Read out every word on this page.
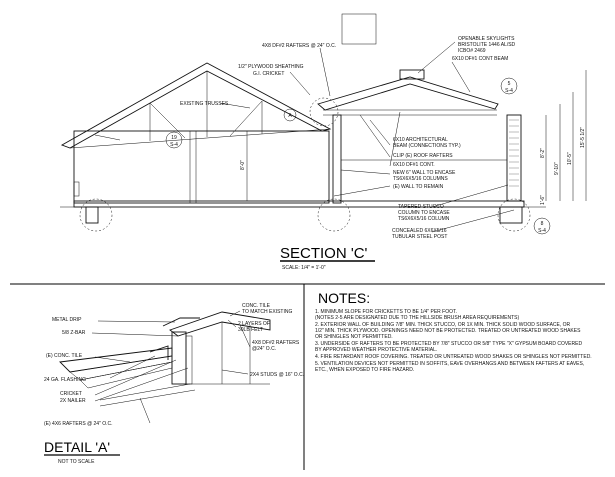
19
S-4
5
S-4
A
8
S-4
8'-0"
8'-2"
9'-10"
10'-5"
15'-5 1/2"
1'-6"
4X8 DF#2 RAFTERS @ 24" O.C.
OPENABLE SKYLIGHTS
BRISTOLITE 1446 AL/SD
ICBO# 2469
6X10 DF#1 CONT BEAM
1/2" PLYWOOD SHEATHING
G.I. CRICKET
EXISTING TRUSSES
6X10 ARCHITECTURAL
BEAM (CONNECTIONS TYP.)
CLIP (E) ROOF RAFTERS
6X10 DF#1 CONT.
NEW 6" WALL TO ENCASE
TS6X6X5/16 COLUMNS
(E) WALL TO REMAIN
TAPERED STUCCO
COLUMN TO ENCASE
TS6X6X5/16 COLUMN
CONCEALED 6X6X5/16
TUBULAR STEEL POST
SECTION 'C'
SCALE: 1/4" = 1'-0"
METAL DRIP
5/8 Z-BAR
(E) CONC. TILE
24 GA. FLASHING
CRICKET
2X NAILER
(E) 4X6 RAFTERS @ 24" O.C.
CONC. TILE
TO MATCH EXISTING
2 LAYERS OF
30LB FELT
4X8 DF#2 RAFTERS
@24" O.C.
2X4 STUDS @ 16" O.C.
DETAIL 'A'
NOT TO SCALE
NOTES:
1. MINIMUM SLOPE FOR CRICKETTS TO BE 1/4" PER FOOT.
(NOTES 2-5 ARE DESIGNATED DUE TO THE HILLSIDE BRUSH AREA REQUIREMENTS)
2. EXTERIOR WALL OF BUILDING 7/8" MIN. THICK STUCCO, OR 1X MIN. THICK SOLID WOOD SURFACE, OR
1/2" MIN. THICK PLYWOOD. OPENINGS NEED NOT BE PROTECTED. TREATED OR UNTREATED WOOD SHAKES
OR SHINGLES NOT PERMITTED.
3. UNDERSIDE OF RAFTERS TO BE PROTECTED BY 7/8" STUCCO OR 5/8" TYPE "X" GYPSUM BOARD COVERED
BY APPROVED WEATHER PROTECTIVE MATERIAL.
4. FIRE RETARDANT ROOF COVERING. TREATED OR UNTREATED WOOD SHAKES OR SHINGLES NOT PERMITTED.
5. VENTILATION DEVICES NOT PERMITTED IN SOFFITS, EAVE OVERHANGS AND BETWEEN FAFTERS AT EAVES,
ETC., WHEN EXPOSED TO FIRE HAZARD.
